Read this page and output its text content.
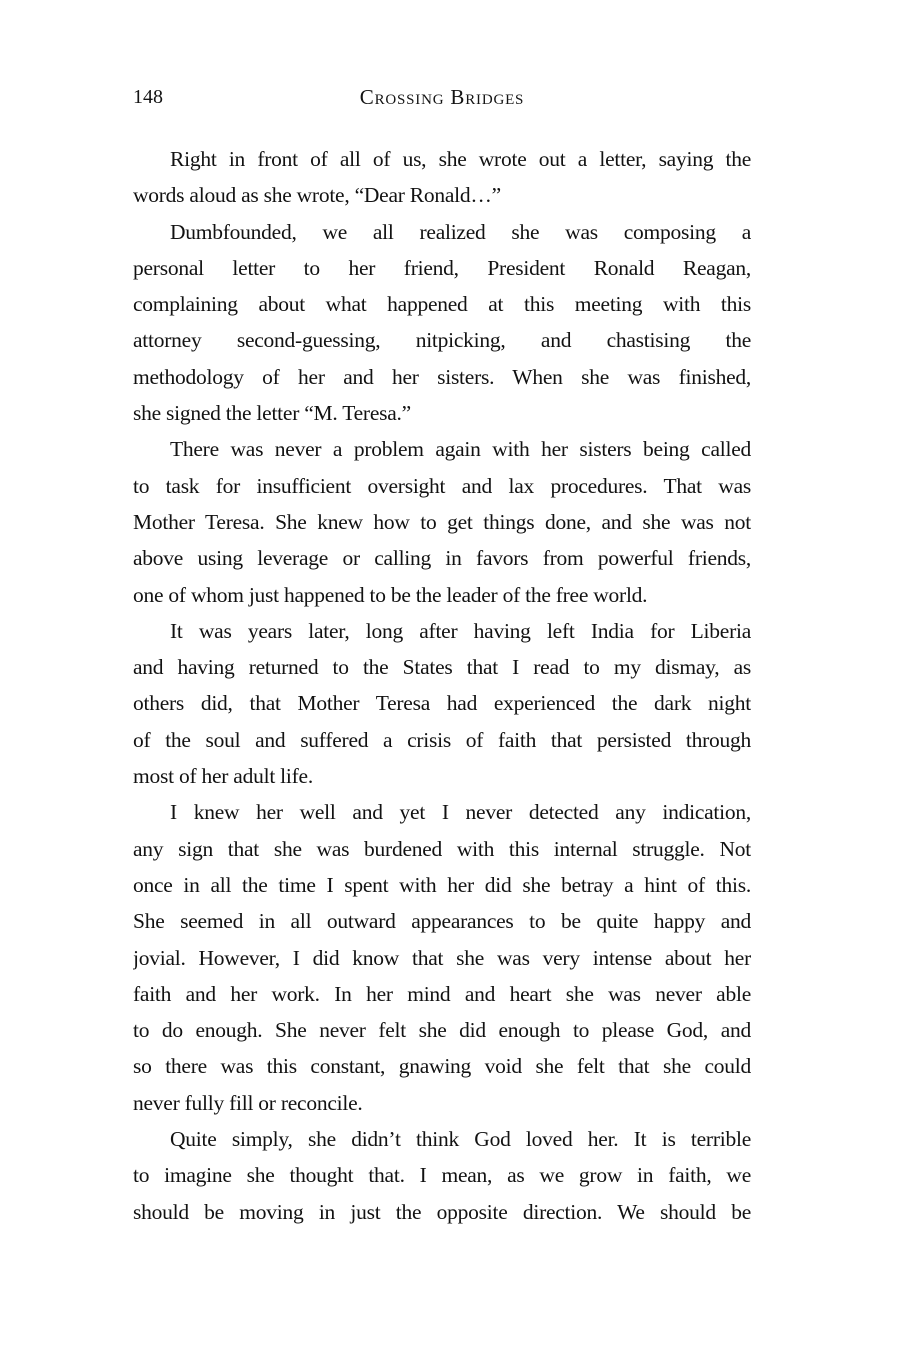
148	Crossing Bridges
Right in front of all of us, she wrote out a letter, saying the
words aloud as she wrote, “Dear Ronald…”
Dumbfounded, we all realized she was composing a
personal letter to her friend, President Ronald Reagan,
complaining about what happened at this meeting with this
attorney second-guessing, nitpicking, and chastising the
methodology of her and her sisters. When she was finished,
she signed the letter “M. Teresa.”
There was never a problem again with her sisters being called
to task for insufficient oversight and lax procedures. That was
Mother Teresa. She knew how to get things done, and she was not
above using leverage or calling in favors from powerful friends,
one of whom just happened to be the leader of the free world.
It was years later, long after having left India for Liberia
and having returned to the States that I read to my dismay, as
others did, that Mother Teresa had experienced the dark night
of the soul and suffered a crisis of faith that persisted through
most of her adult life.
I knew her well and yet I never detected any indication,
any sign that she was burdened with this internal struggle. Not
once in all the time I spent with her did she betray a hint of this.
She seemed in all outward appearances to be quite happy and
jovial. However, I did know that she was very intense about her
faith and her work. In her mind and heart she was never able
to do enough. She never felt she did enough to please God, and
so there was this constant, gnawing void she felt that she could
never fully fill or reconcile.
Quite simply, she didn’t think God loved her. It is terrible
to imagine she thought that. I mean, as we grow in faith, we
should be moving in just the opposite direction. We should be
